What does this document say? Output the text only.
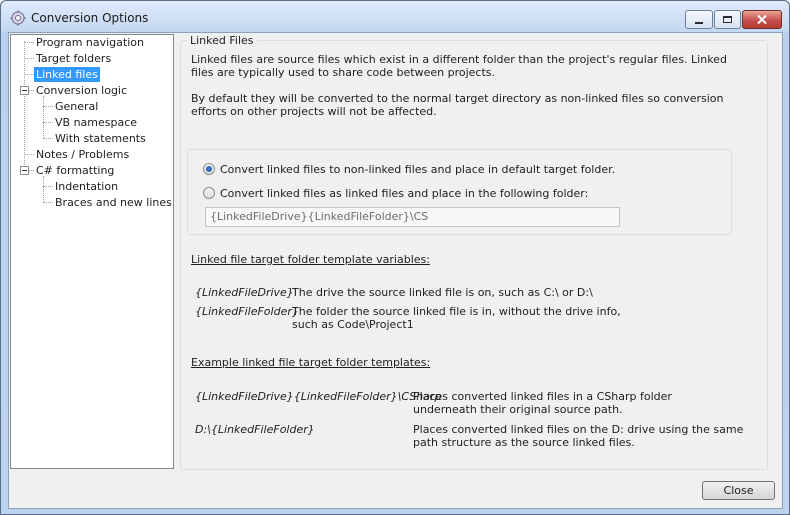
Conversion Options
Program navigation
Target folders
Linked files
Conversion logic
General
VB namespace
With statements
Notes / Problems
C# formatting
Indentation
Braces and new lines
Linked Files
Linked files are source files which exist in a different folder than the project's regular files. Linked files are typically used to share code between projects.
By default they will be converted to the normal target directory as non-linked files so conversion efforts on other projects will not be affected.
Convert linked files to non-linked files and place in default target folder.
Convert linked files as linked files and place in the following folder:
{LinkedFileDrive}{LinkedFileFolder}\CS
Linked file target folder template variables:
{LinkedFileDrive}
The drive the source linked file is on, such as C:\ or D:\
{LinkedFileFolder}
The folder the source linked file is in, without the drive info, such as Code\Project1
Example linked file target folder templates:
{LinkedFileDrive}{LinkedFileFolder}\CSharp
Places converted linked files in a CSharp folder underneath their original source path.
D:\{LinkedFileFolder}	Places converted linked files on the D: drive using the same path structure as the source linked files.
Close
